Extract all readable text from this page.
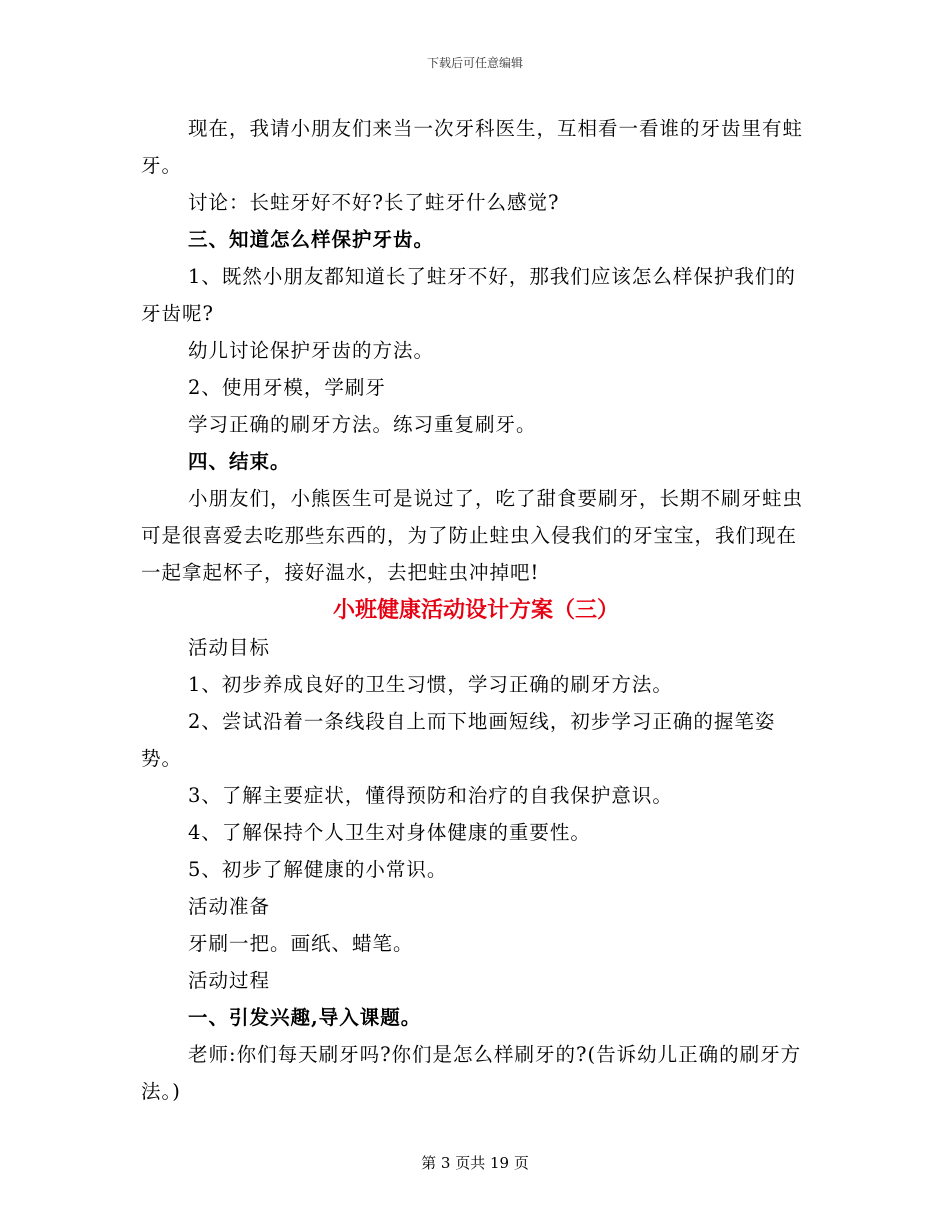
下载后可任意编辑

现在，我请小朋友们来当一次牙科医生，互相看一看谁的牙齿里有蛀牙。

讨论：长蛀牙好不好?长了蛀牙什么感觉?

三、知道怎么样保护牙齿。

1、既然小朋友都知道长了蛀牙不好，那我们应该怎么样保护我们的牙齿呢?

幼儿讨论保护牙齿的方法。

2、使用牙模，学刷牙

学习正确的刷牙方法。练习重复刷牙。

四、结束。

小朋友们，小熊医生可是说过了，吃了甜食要刷牙，长期不刷牙蛀虫可是很喜爱去吃那些东西的，为了防止蛀虫入侵我们的牙宝宝，我们现在一起拿起杯子，接好温水，去把蛀虫冲掉吧!

小班健康活动设计方案（三）

活动目标

1、初步养成良好的卫生习惯，学习正确的刷牙方法。

2、尝试沿着一条线段自上而下地画短线，初步学习正确的握笔姿势。

3、了解主要症状，懂得预防和治疗的自我保护意识。

4、了解保持个人卫生对身体健康的重要性。

5、初步了解健康的小常识。

活动准备

牙刷一把。画纸、蜡笔。

活动过程

一、引发兴趣,导入课题。

老师:你们每天刷牙吗?你们是怎么样刷牙的?(告诉幼儿正确的刷牙方法。)

第 3 页共 19 页
